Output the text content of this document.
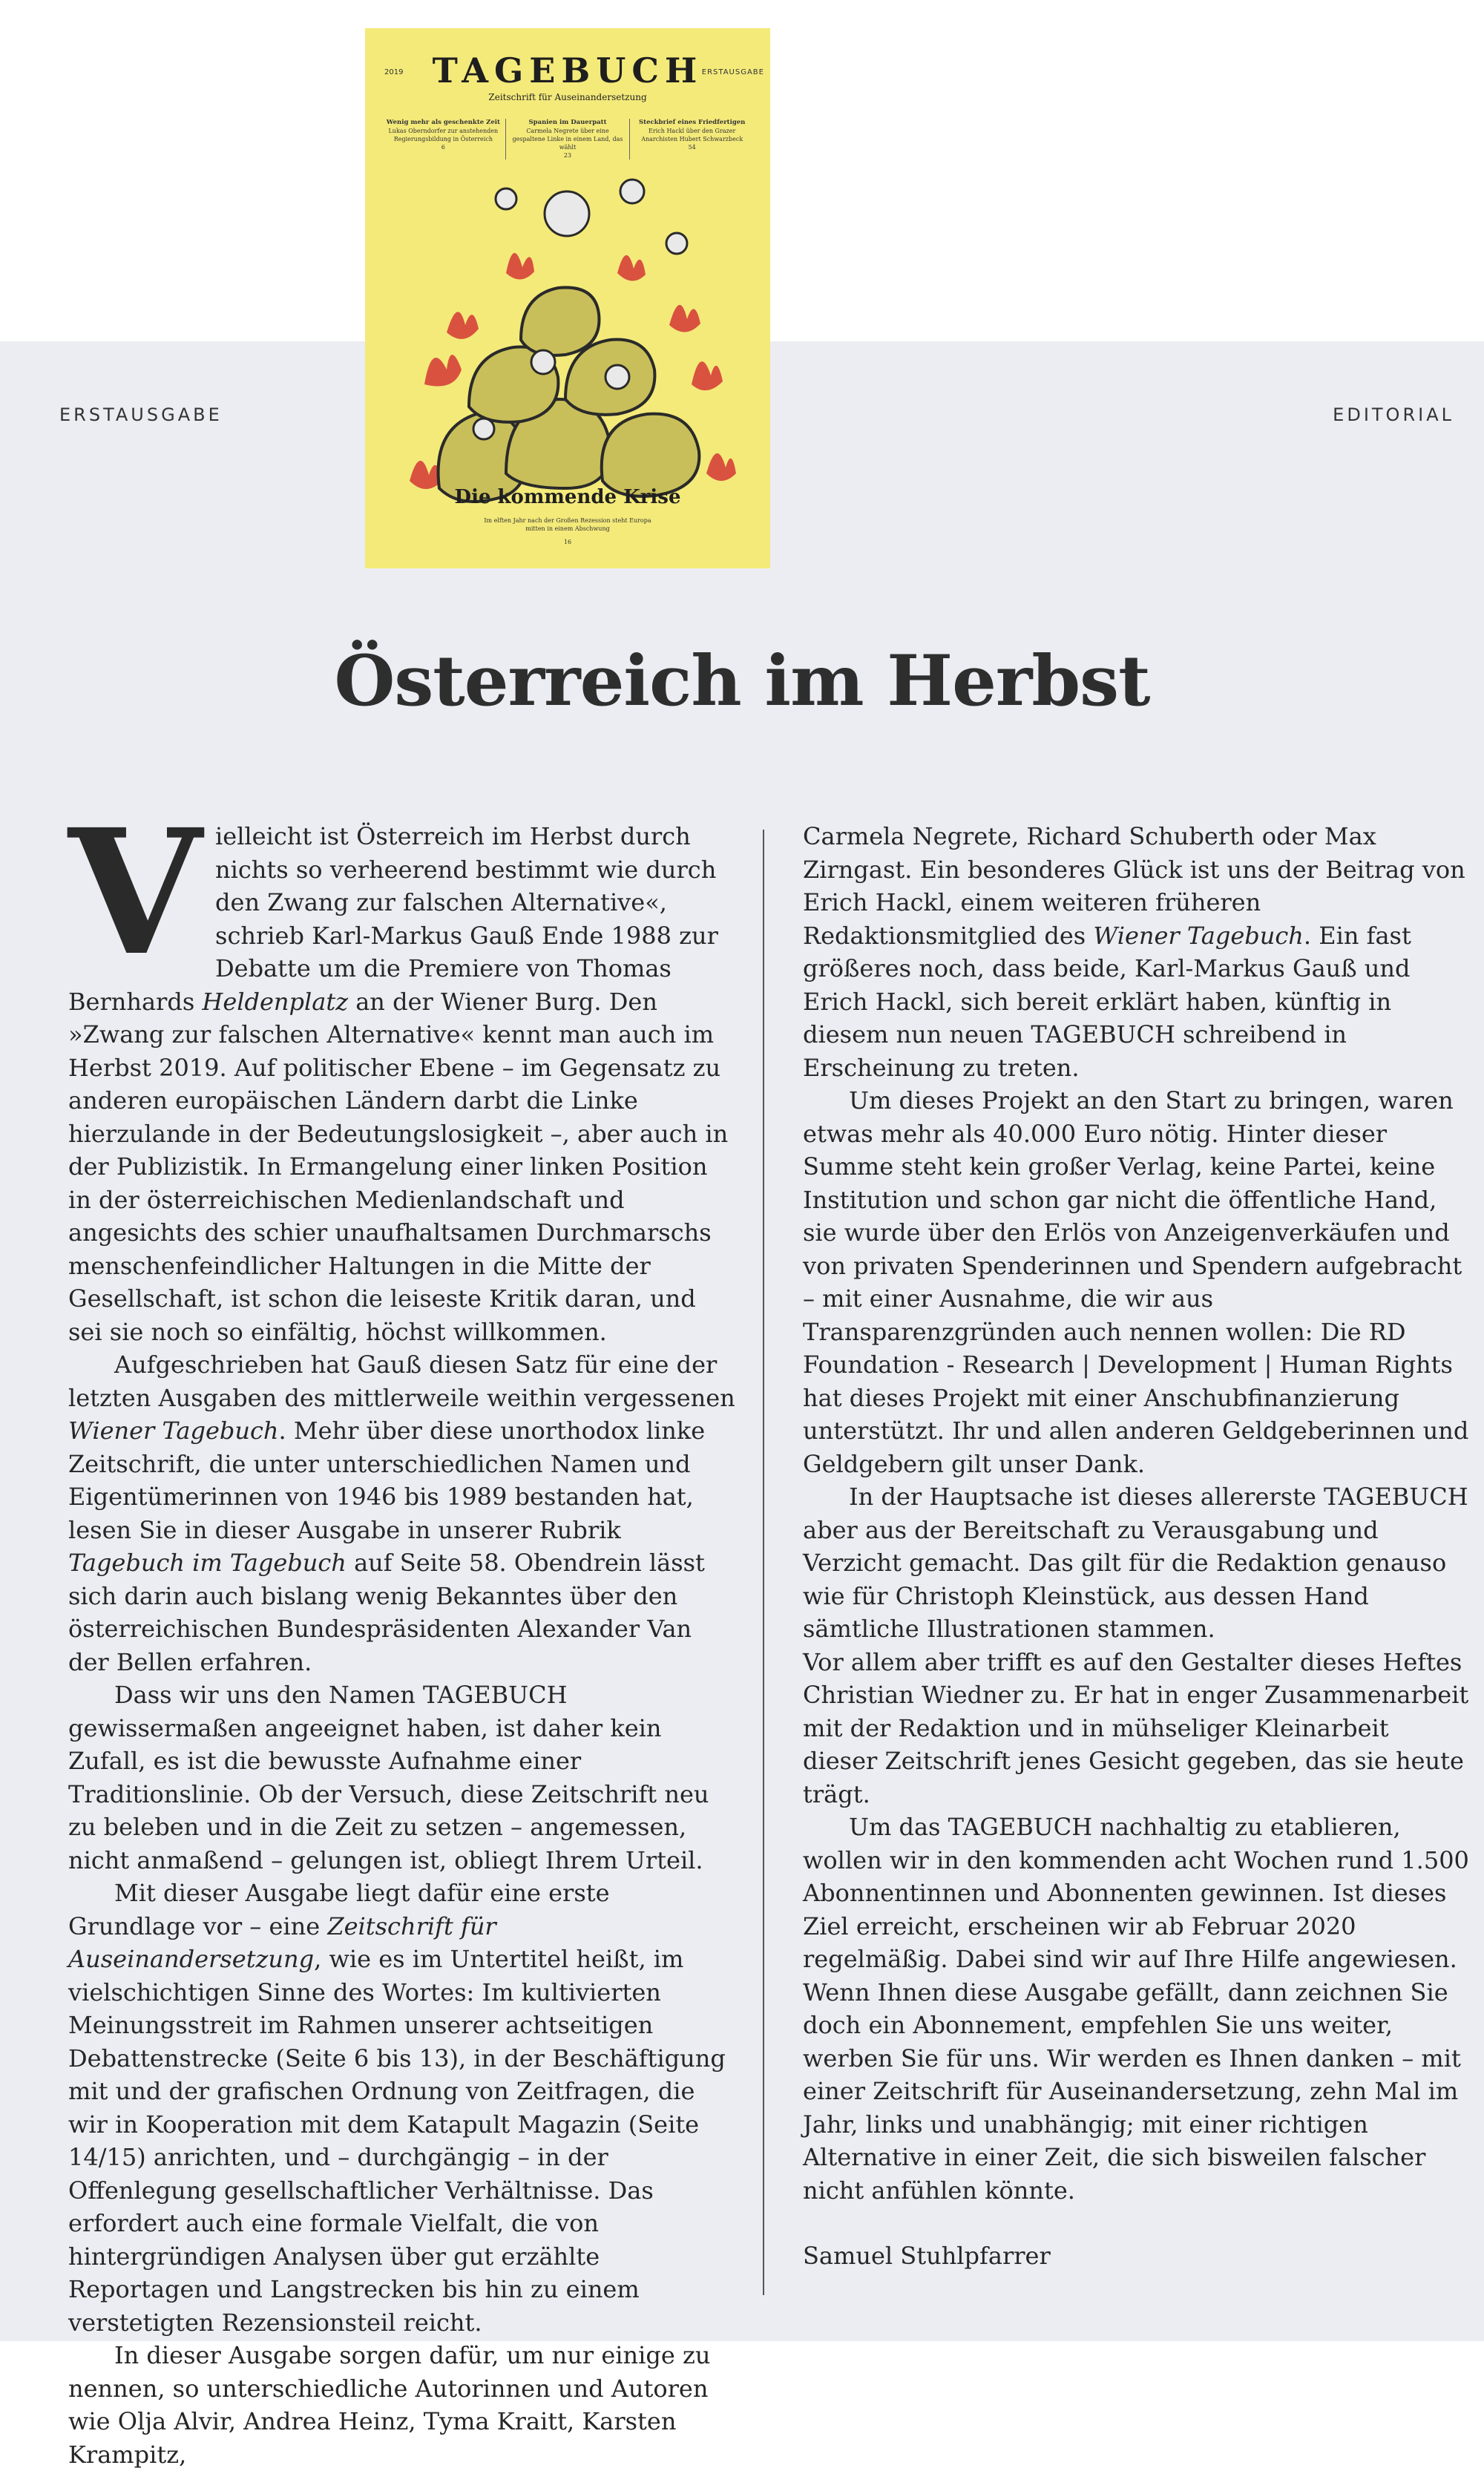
ERSTAUSGABE	EDITORIAL
2019	ERSTAUSGABE
TAGEBUCH
Zeitschrift für Auseinandersetzung
Wenig mehr als geschenkte Zeit
Lukas Oberndorfer zur anstehenden Regierungsbildung in Österreich
6
Spanien im Dauerpatt
Carmela Negrete über eine gespaltene Linke in einem Land, das wählt
23
Steckbrief eines Friedfertigen
Erich Hackl über den Grazer Anarchisten Hubert Schwarzbeck
54
Die kommende Krise
Im elften Jahr nach der Großen Rezession steht Europa
mitten in einem Abschwung
16
Österreich im Herbst

Vielleicht ist Österreich im Herbst durch nichts so verheerend bestimmt wie durch den Zwang zur falschen Alternative«, schrieb Karl-Markus Gauß Ende 1988 zur Debatte um die Premiere von Thomas Bernhards Heldenplatz an der Wiener Burg. Den »Zwang zur falschen Alternative« kennt man auch im Herbst 2019. Auf politischer Ebene – im Gegensatz zu anderen europäischen Ländern darbt die Linke hierzulande in der Bedeutungslosigkeit –, aber auch in der Publizistik. In Ermangelung einer linken Position in der österreichischen Medienlandschaft und angesichts des schier unaufhaltsamen Durchmarschs menschenfeindlicher Haltungen in die Mitte der Gesellschaft, ist schon die leiseste Kritik daran, und sei sie noch so einfältig, höchst willkommen.

Aufgeschrieben hat Gauß diesen Satz für eine der letzten Ausgaben des mittlerweile weithin vergessenen Wiener Tagebuch. Mehr über diese unorthodox linke Zeitschrift, die unter unterschiedlichen Namen und Eigentümerinnen von 1946 bis 1989 bestanden hat, lesen Sie in dieser Ausgabe in unserer Rubrik Tagebuch im Tagebuch auf Seite 58. Obendrein lässt sich darin auch bislang wenig Bekanntes über den österreichischen Bundespräsidenten Alexander Van der Bellen erfahren.

Dass wir uns den Namen TAGEBUCH gewissermaßen angeeignet haben, ist daher kein Zufall, es ist die bewusste Aufnahme einer Traditionslinie. Ob der Versuch, diese Zeitschrift neu zu beleben und in die Zeit zu setzen – angemessen, nicht anmaßend – gelungen ist, obliegt Ihrem Urteil.

Mit dieser Ausgabe liegt dafür eine erste Grundlage vor – eine Zeitschrift für Auseinandersetzung, wie es im Untertitel heißt, im vielschichtigen Sinne des Wortes: Im kultivierten Meinungsstreit im Rahmen unserer achtseitigen Debattenstrecke (Seite 6 bis 13), in der Beschäftigung mit und der grafischen Ordnung von Zeitfragen, die wir in Kooperation mit dem Katapult Magazin (Seite 14/15) anrichten, und – durchgängig – in der Offenlegung gesellschaftlicher Verhältnisse. Das erfordert auch eine formale Vielfalt, die von hintergründigen Analysen über gut erzählte Reportagen und Langstrecken bis hin zu einem verstetigten Rezensionsteil reicht.

In dieser Ausgabe sorgen dafür, um nur einige zu nennen, so unterschiedliche Autorinnen und Autoren wie Olja Alvir, Andrea Heinz, Tyma Kraitt, Karsten Krampitz,

Carmela Negrete, Richard Schuberth oder Max Zirngast. Ein besonderes Glück ist uns der Beitrag von Erich Hackl, einem weiteren früheren Redaktionsmitglied des Wiener Tagebuch. Ein fast größeres noch, dass beide, Karl-Markus Gauß und Erich Hackl, sich bereit erklärt haben, künftig in diesem nun neuen TAGEBUCH schreibend in Erscheinung zu treten.

Um dieses Projekt an den Start zu bringen, waren etwas mehr als 40.000 Euro nötig. Hinter dieser Summe steht kein großer Verlag, keine Partei, keine Institution und schon gar nicht die öffentliche Hand, sie wurde über den Erlös von Anzeigenverkäufen und von privaten Spenderinnen und Spendern aufgebracht – mit einer Ausnahme, die wir aus Transparenzgründen auch nennen wollen: Die RD Foundation - Research | Development | Human Rights hat dieses Projekt mit einer Anschubfinanzierung unterstützt. Ihr und allen anderen Geldgeberinnen und Geldgebern gilt unser Dank.

In der Hauptsache ist dieses allererste TAGEBUCH aber aus der Bereitschaft zu Verausgabung und Verzicht gemacht. Das gilt für die Redaktion genauso wie für Christoph Kleinstück, aus dessen Hand sämtliche Illustrationen stammen.

Vor allem aber trifft es auf den Gestalter dieses Heftes Christian Wiedner zu. Er hat in enger Zusammenarbeit mit der Redaktion und in mühseliger Kleinarbeit dieser Zeitschrift jenes Gesicht gegeben, das sie heute trägt.

Um das TAGEBUCH nachhaltig zu etablieren, wollen wir in den kommenden acht Wochen rund 1.500 Abonnentinnen und Abonnenten gewinnen. Ist dieses Ziel erreicht, erscheinen wir ab Februar 2020 regelmäßig. Dabei sind wir auf Ihre Hilfe angewiesen. Wenn Ihnen diese Ausgabe gefällt, dann zeichnen Sie doch ein Abonnement, empfehlen Sie uns weiter, werben Sie für uns. Wir werden es Ihnen danken – mit einer Zeitschrift für Auseinandersetzung, zehn Mal im Jahr, links und unabhängig; mit einer richtigen Alternative in einer Zeit, die sich bisweilen falscher nicht anfühlen könnte.

Samuel Stuhlpfarrer
